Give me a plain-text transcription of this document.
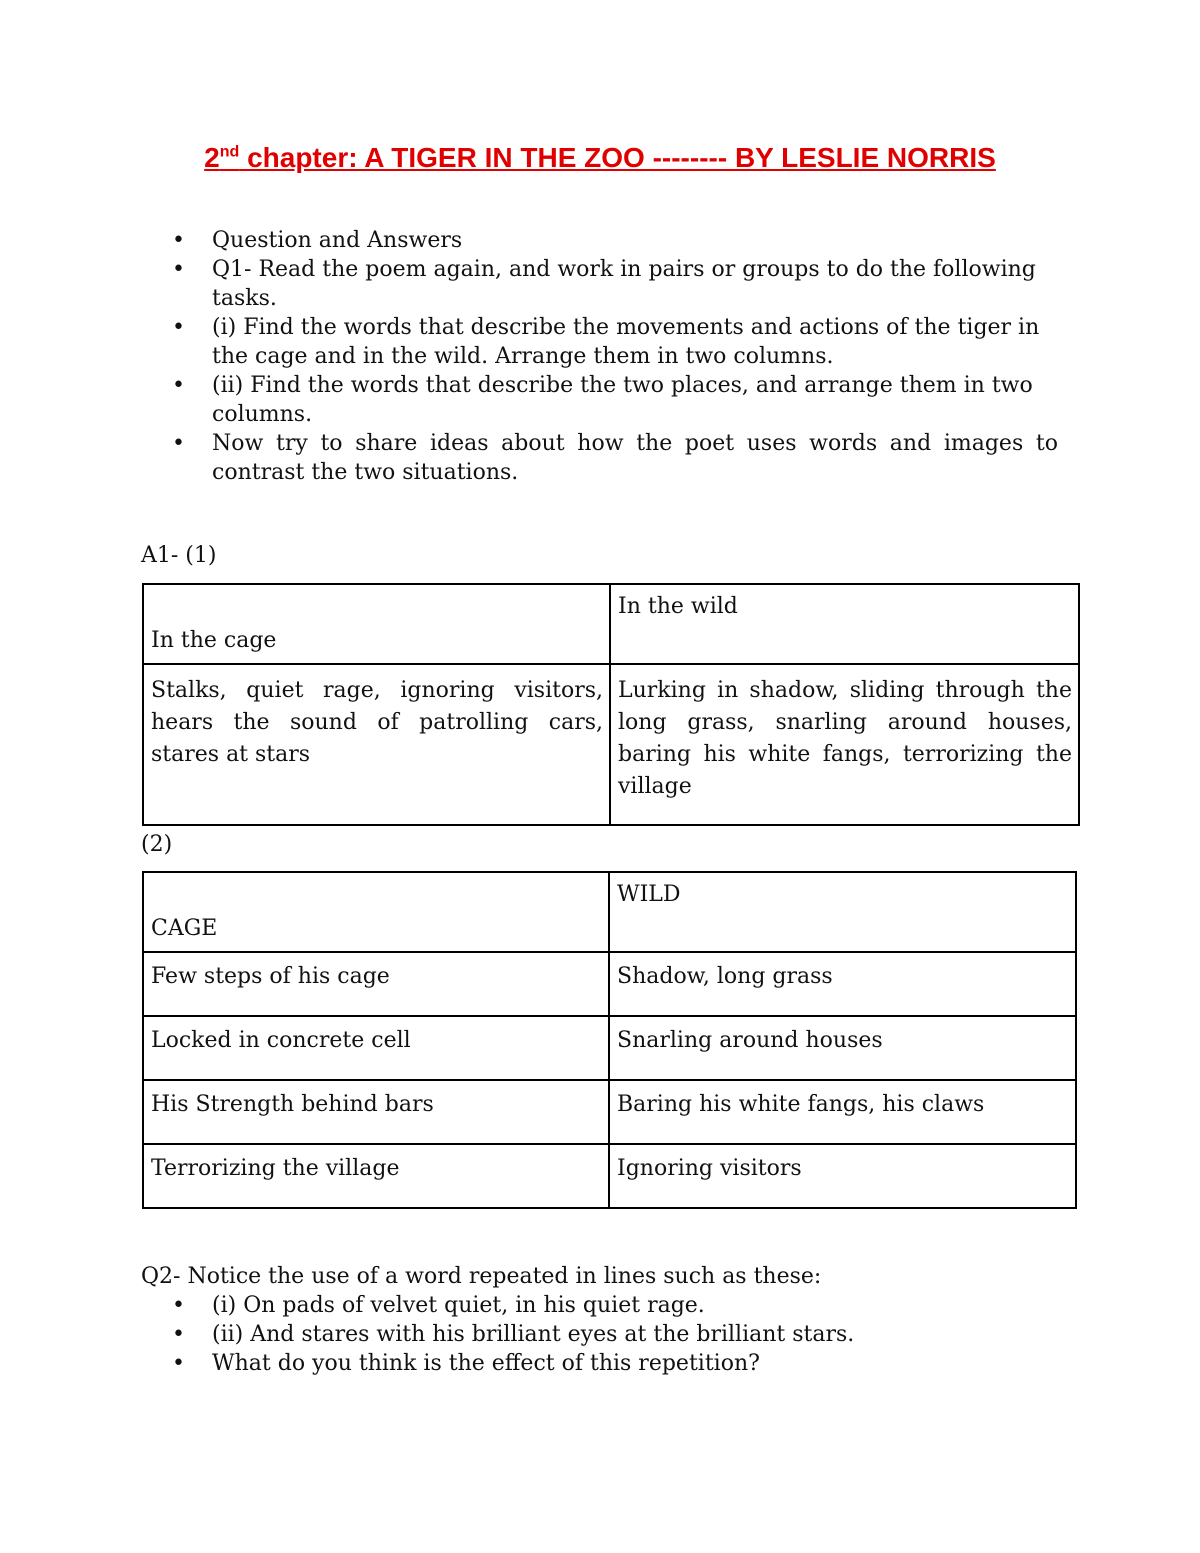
2nd chapter: A TIGER IN THE ZOO -------- BY LESLIE NORRIS
• Question and Answers
• Q1- Read the poem again, and work in pairs or groups to do the following tasks.
• (i) Find the words that describe the movements and actions of the tiger in the cage and in the wild. Arrange them in two columns.
• (ii) Find the words that describe the two places, and arrange them in two columns.
• Now try to share ideas about how the poet uses words and images to contrast the two situations.
A1- (1)
In the cage	In the wild
Stalks, quiet rage, ignoring visitors, hears the sound of patrolling cars, stares at stars	Lurking in shadow, sliding through the long grass, snarling around houses, baring his white fangs, terrorizing the village
(2)
CAGE	WILD
Few steps of his cage	Shadow, long grass
Locked in concrete cell	Snarling around houses
His Strength behind bars	Baring his white fangs, his claws
Terrorizing the village	Ignoring visitors
Q2- Notice the use of a word repeated in lines such as these:
• (i) On pads of velvet quiet, in his quiet rage.
• (ii) And stares with his brilliant eyes at the brilliant stars.
• What do you think is the effect of this repetition?
